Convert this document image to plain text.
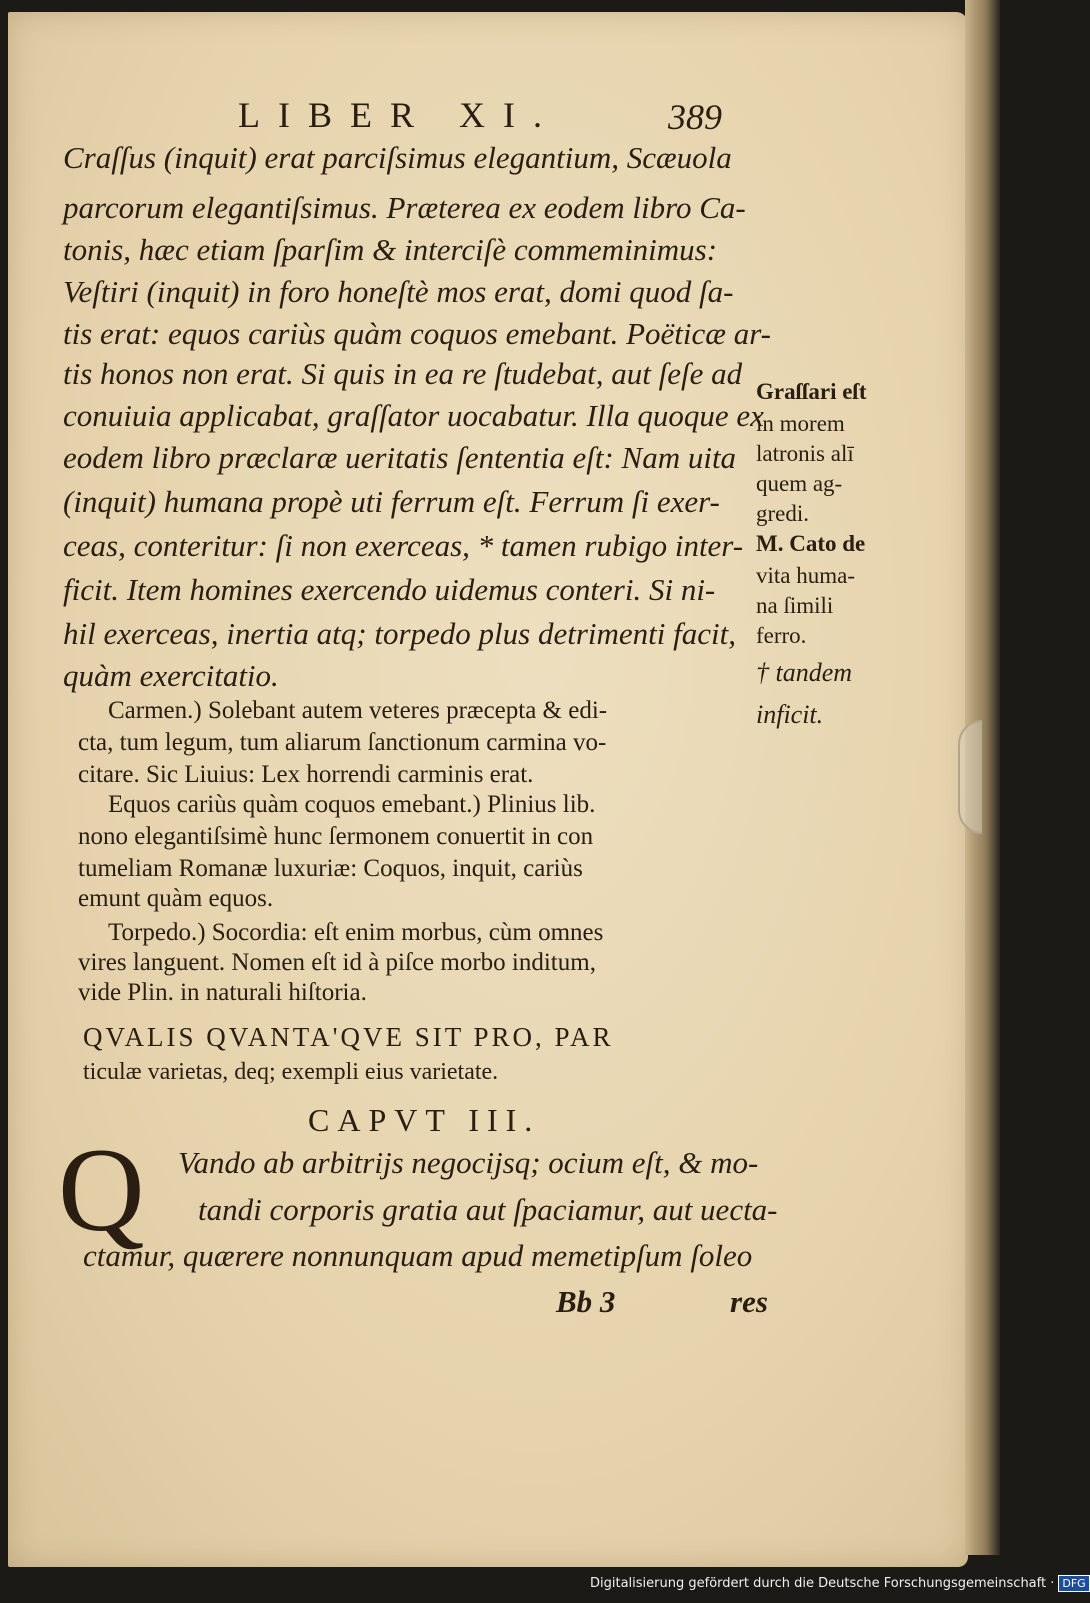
LIBER XI.	389
Craſſus (inquit) erat parciſsimus elegantium, Scæuola
parcorum elegantiſsimus. Præterea ex eodem libro Ca-
tonis, hæc etiam ſparſim & interciſè commeminimus:
Veſtiri (inquit) in foro honeſtè mos erat, domi quod ſa-
tis erat: equos cariùs quàm coquos emebant. Poëticæ ar-
tis honos non erat. Si quis in ea re ſtudebat, aut ſeſe ad
conuiuia applicabat, graſſator uocabatur. Illa quoque ex
eodem libro præclaræ ueritatis ſententia eſt: Nam uita
(inquit) humana propè uti ferrum eſt. Ferrum ſi exer-
ceas, conteritur: ſi non exerceas, * tamen rubigo inter-
ficit. Item homines exercendo uidemus conteri. Si ni-
hil exerceas, inertia atq; torpedo plus detrimenti facit,
quàm exercitatio.
Graſſari eſt
in morem
latronis alī
quem ag-
gredi.
M. Cato de
vita huma-
na ſimili
ferro.
† tandem
inficit.
Carmen.) Solebant autem veteres præcepta & edi-
cta, tum legum, tum aliarum ſanctionum carmina vo-
citare. Sic Liuius: Lex horrendi carminis erat.
Equos cariùs quàm coquos emebant.) Plinius lib.
nono elegantiſsimè hunc ſermonem conuertit in con
tumeliam Romanæ luxuriæ: Coquos, inquit, cariùs
emunt quàm equos.
Torpedo.) Socordia: eſt enim morbus, cùm omnes
vires languent. Nomen eſt id à piſce morbo inditum,
vide Plin. in naturali hiſtoria.
QVALIS QVANTA'QVE SIT PRO, PAR
ticulæ varietas, deq; exempli eius varietate.
CAPVT III.
Q Vando ab arbitrijs negocijsq; ocium eſt, & mo-
tandi corporis gratia aut ſpaciamur, aut uecta-
ctamur, quærere nonnunquam apud memetipſum ſoleo
Bb 3	res
Digitalisierung gefördert durch die Deutsche Forschungsgemeinschaft · DFG
